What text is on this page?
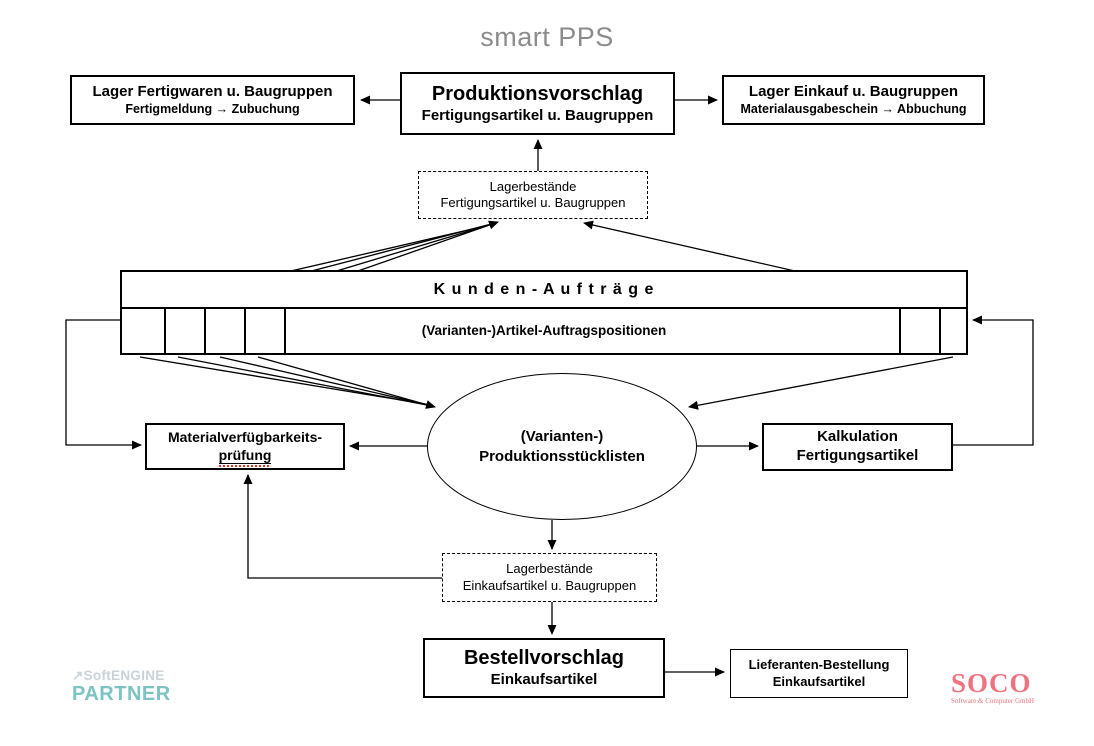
smart PPS
Lager Fertigwaren u. Baugruppen
Fertigmeldung → Zubuchung
Produktionsvorschlag
Fertigungsartikel u. Baugruppen
Lager Einkauf u. Baugruppen
Materialausgabeschein → Abbuchung
Lagerbestände
Fertigungsartikel u. Baugruppen
K u n d e n - A u f t r ä g e
(Varianten-)Artikel-Auftragspositionen
(Varianten-)
Produktionsstücklisten
Materialverfügbarkeits-
prüfung
Kalkulation
Fertigungsartikel
Lagerbestände
Einkaufsartikel u. Baugruppen
Bestellvorschlag
Einkaufsartikel
Lieferanten-Bestellung
Einkaufsartikel
↗SoftENGINE
PARTNER	SOCO
Software & Computer GmbH
